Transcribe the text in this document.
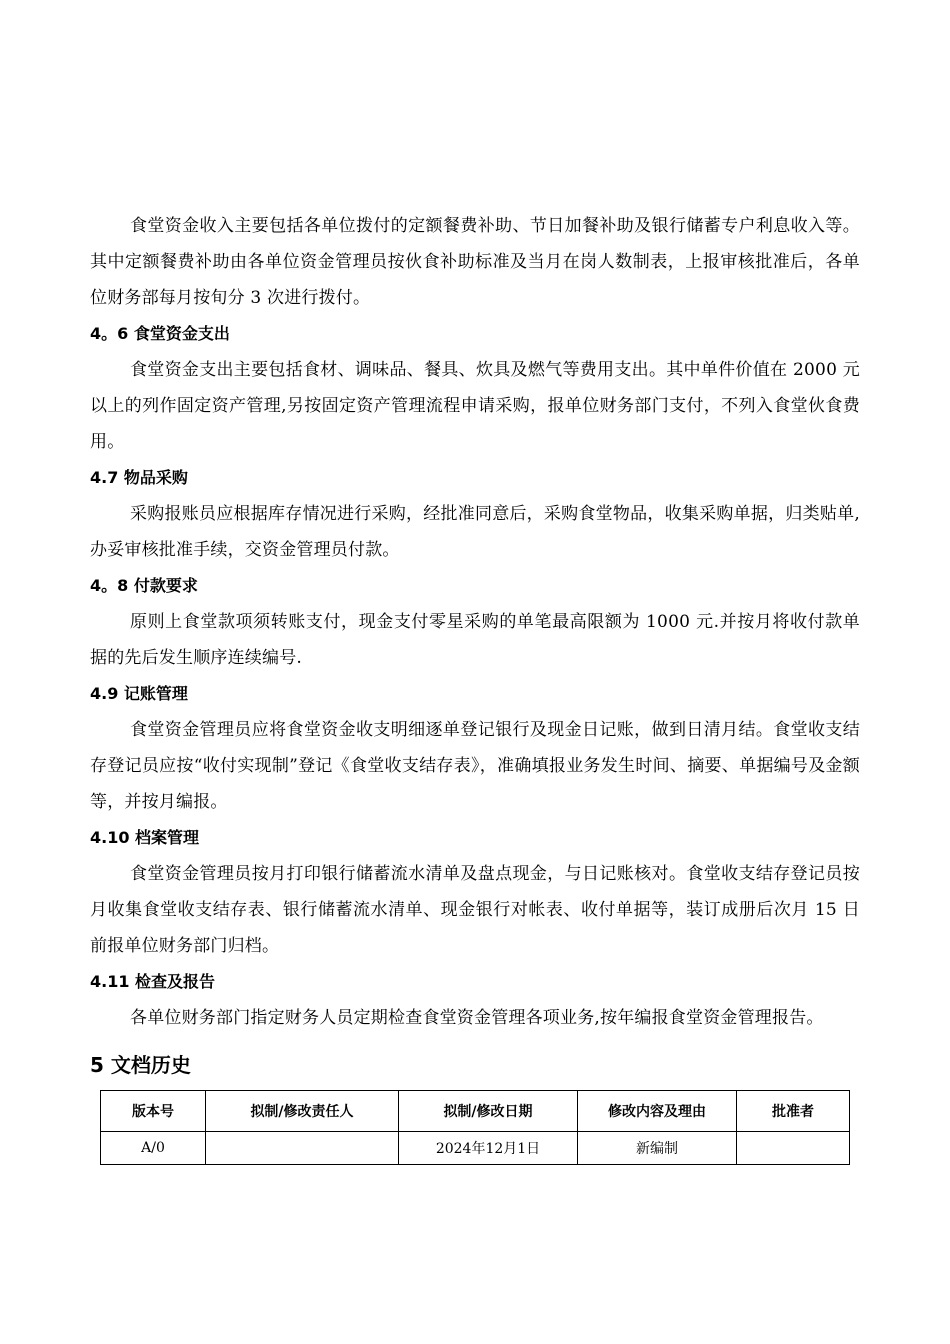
食堂资金收入主要包括各单位拨付的定额餐费补助、节日加餐补助及银行储蓄专户利息收入等。其中定额餐费补助由各单位资金管理员按伙食补助标准及当月在岗人数制表，上报审核批准后，各单位财务部每月按旬分 3 次进行拨付。

4。6 食堂资金支出

食堂资金支出主要包括食材、调味品、餐具、炊具及燃气等费用支出。其中单件价值在 2000 元以上的列作固定资产管理,另按固定资产管理流程申请采购，报单位财务部门支付，不列入食堂伙食费用。

4.7 物品采购

采购报账员应根据库存情况进行采购，经批准同意后，采购食堂物品，收集采购单据，归类贴单,办妥审核批准手续，交资金管理员付款。

4。8 付款要求

原则上食堂款项须转账支付，现金支付零星采购的单笔最高限额为 1000 元.并按月将收付款单据的先后发生顺序连续编号.

4.9 记账管理

食堂资金管理员应将食堂资金收支明细逐单登记银行及现金日记账，做到日清月结。食堂收支结存登记员应按“收付实现制”登记《食堂收支结存表》，准确填报业务发生时间、摘要、单据编号及金额等，并按月编报。

4.10 档案管理

食堂资金管理员按月打印银行储蓄流水清单及盘点现金，与日记账核对。食堂收支结存登记员按月收集食堂收支结存表、银行储蓄流水清单、现金银行对帐表、收付单据等，装订成册后次月 15 日前报单位财务部门归档。

4.11 检查及报告

各单位财务部门指定财务人员定期检查食堂资金管理各项业务,按年编报食堂资金管理报告。

5 文档历史
版本号	拟制/修改责任人	拟制/修改日期	修改内容及理由	批准者
A/0		2024年12月1日	新编制	
